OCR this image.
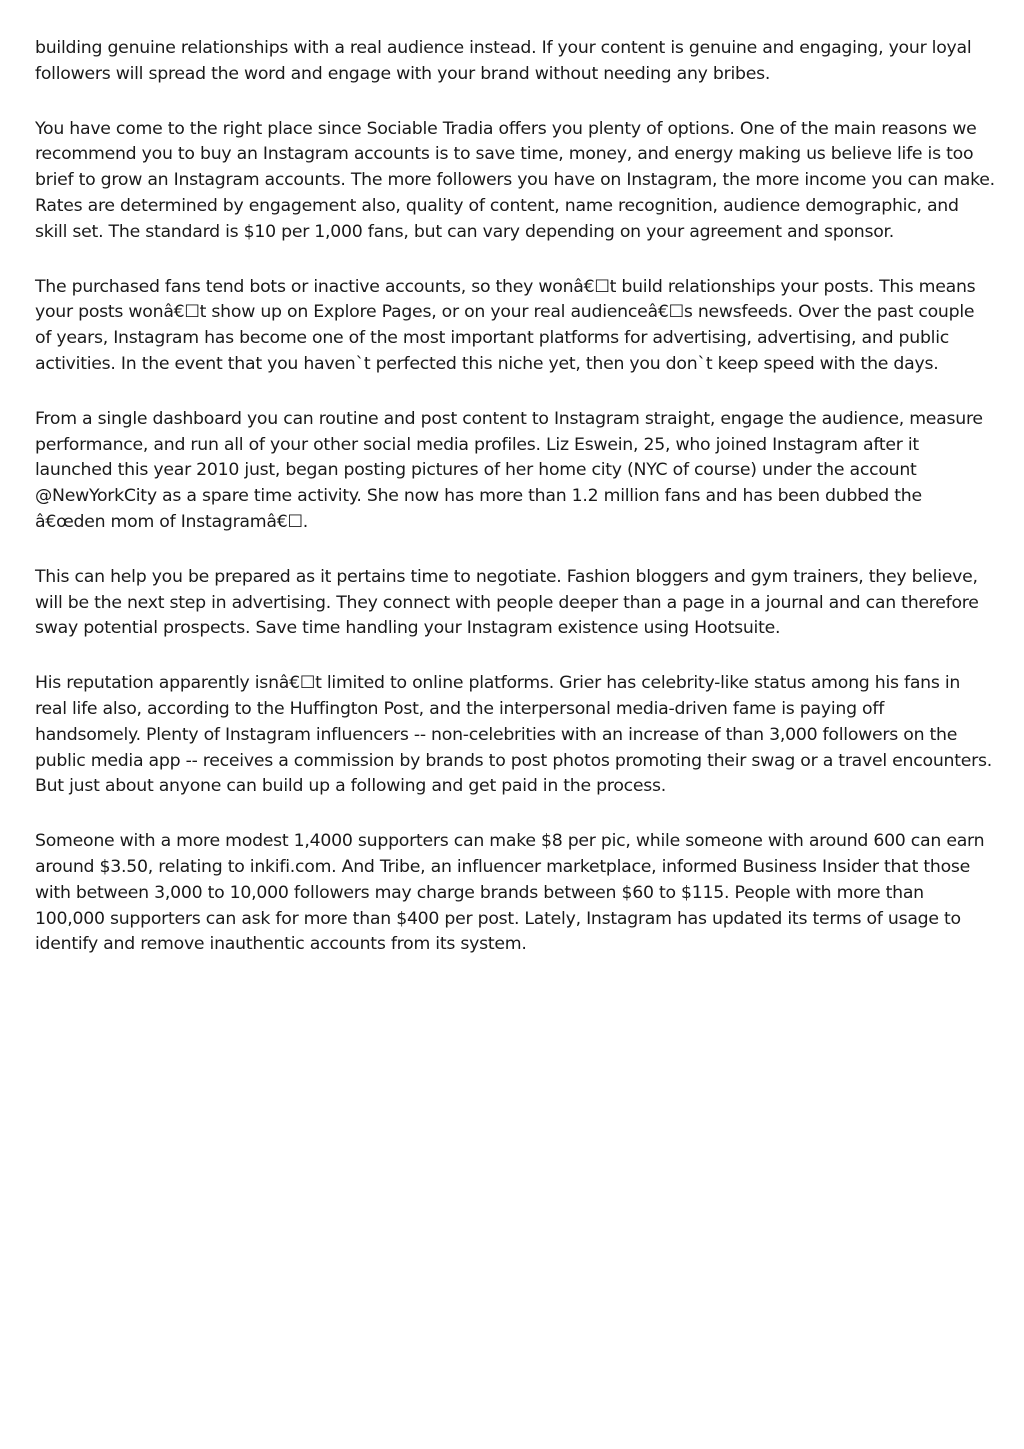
building genuine relationships with a real audience instead. If your content is genuine and engaging, your loyal followers will spread the word and engage with your brand without needing any bribes.

You have come to the right place since Sociable Tradia offers you plenty of options. One of the main reasons we recommend you to buy an Instagram accounts is to save time, money, and energy making us believe life is too brief to grow an Instagram accounts. The more followers you have on Instagram, the more income you can make. Rates are determined by engagement also, quality of content, name recognition, audience demographic, and skill set. The standard is $10 per 1,000 fans, but can vary depending on your agreement and sponsor.

The purchased fans tend bots or inactive accounts, so they wonâ€☐t build relationships your posts. This means your posts wonâ€☐t show up on Explore Pages, or on your real audienceâ€☐s newsfeeds. Over the past couple of years, Instagram has become one of the most important platforms for advertising, advertising, and public activities. In the event that you haven`t perfected this niche yet, then you don`t keep speed with the days.

From a single dashboard you can routine and post content to Instagram straight, engage the audience, measure performance, and run all of your other social media profiles. Liz Eswein, 25, who joined Instagram after it launched this year 2010 just, began posting pictures of her home city (NYC of course) under the account @NewYorkCity as a spare time activity. She now has more than 1.2 million fans and has been dubbed the â€œden mom of Instagramâ€☐.

This can help you be prepared as it pertains time to negotiate. Fashion bloggers and gym trainers, they believe, will be the next step in advertising. They connect with people deeper than a page in a journal and can therefore sway potential prospects. Save time handling your Instagram existence using Hootsuite.

His reputation apparently isnâ€☐t limited to online platforms. Grier has celebrity-like status among his fans in real life also, according to the Huffington Post, and the interpersonal media-driven fame is paying off handsomely. Plenty of Instagram influencers -- non-celebrities with an increase of than 3,000 followers on the public media app -- receives a commission by brands to post photos promoting their swag or a travel encounters. But just about anyone can build up a following and get paid in the process.

Someone with a more modest 1,4000 supporters can make $8 per pic, while someone with around 600 can earn around $3.50, relating to inkifi.com. And Tribe, an influencer marketplace, informed Business Insider that those with between 3,000 to 10,000 followers may charge brands between $60 to $115. People with more than 100,000 supporters can ask for more than $400 per post. Lately, Instagram has updated its terms of usage to identify and remove inauthentic accounts from its system.
